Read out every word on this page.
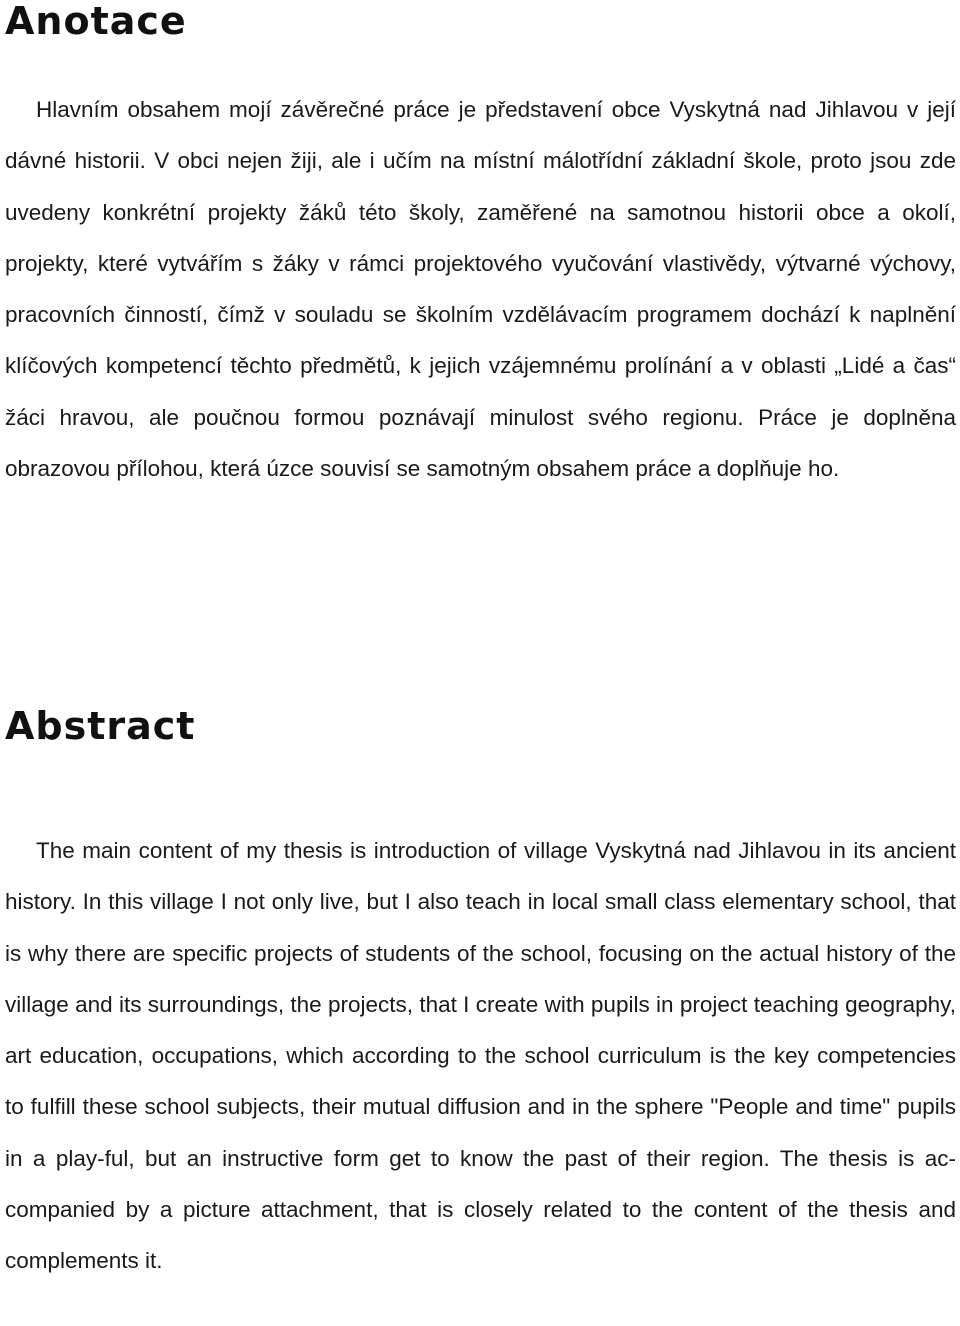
Anotace

Hlavním obsahem mojí závěrečné práce je představení obce Vyskytná nad Jihlavou v její dávné historii. V obci nejen žiji, ale i učím na místní málotřídní základní škole, proto jsou zde uvedeny konkrétní projekty žáků této školy, zaměřené na samotnou historii obce a okolí, projekty, které vytvářím s žáky v rámci projektového vyučování vlastivědy, výtvarné výchovy, pracovních činností, čímž v souladu se školním vzdělávacím programem dochází k naplnění klíčových kompetencí těchto předmětů, k jejich vzájemnému prolínání a v oblasti „Lidé a čas“ žáci hravou, ale poučnou formou poznávají minulost svého regionu. Práce je doplněna obrazovou přílohou, která úzce souvisí se samotným obsahem práce a doplňuje ho.

Abstract

The main content of my thesis is introduction of village Vyskytná nad Jihlavou in its ancient history. In this village I not only live, but I also teach in local small class elementary school, that is why there are specific projects of students of the school, focusing on the actual history of the village and its surroundings, the projects, that I create with pupils in project teaching geography, art education, occupations, which according to the school curriculum is the key competencies to fulfill these school subjects, their mutual diffusion and in the sphere "People and time" pupils in a play-ful, but an instructive form get to know the past of their region. The thesis is ac-companied by a picture attachment, that is closely related to the content of the thesis and complements it.
